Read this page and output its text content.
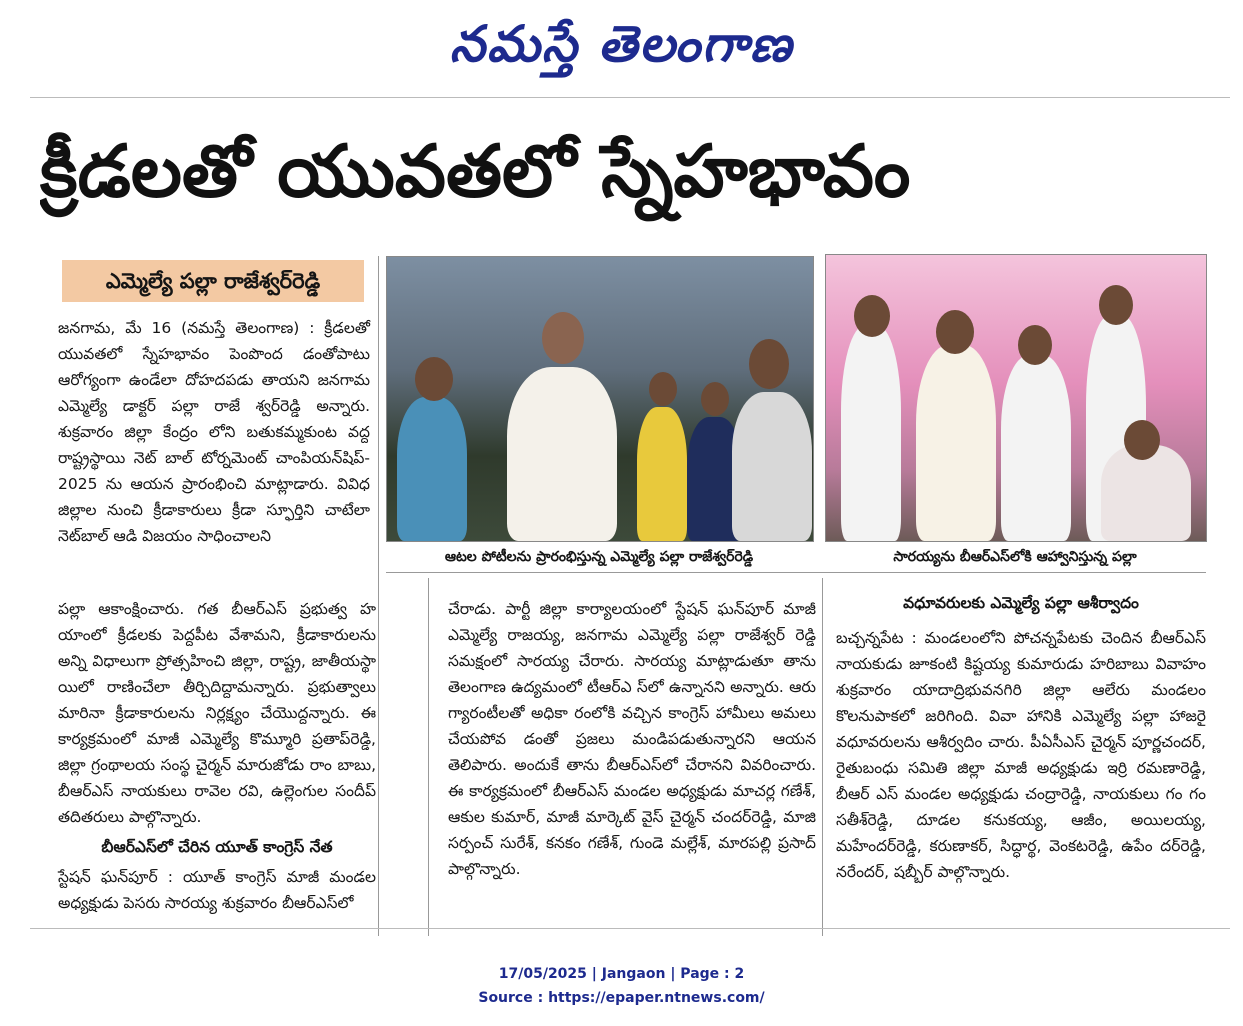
నమస్తే తెలంగాణ
క్రీడలతో యువతలో స్నేహభావం
ఎమ్మెల్యే పల్లా రాజేశ్వర్‌రెడ్డి

జనగామ, మే 16 (నమస్తే తెలంగాణ) : క్రీడలతో యువతలో స్నేహభావం పెంపొంద డంతోపాటు ఆరోగ్యంగా ఉండేలా దోహదపడు తాయని జనగామ ఎమ్మెల్యే డాక్టర్ పల్లా రాజే శ్వర్‌రెడ్డి అన్నారు. శుక్రవారం జిల్లా కేంద్రం లోని బతుకమ్మకుంట వద్ద రాష్ట్రస్థాయి నెట్ బాల్ టోర్నమెంట్ చాంపియన్‌షిప్- 2025 ను ఆయన ప్రారంభించి మాట్లాడారు. వివిధ జిల్లాల నుంచి క్రీడాకారులు క్రీడా స్ఫూర్తిని చాటేలా నెట్‌బాల్ ఆడి విజయం సాధించాలని

ఆటల పోటీలను ప్రారంభిస్తున్న ఎమ్మెల్యే పల్లా రాజేశ్వర్‌రెడ్డి	సారయ్యను బీఆర్‌ఎస్‌లోకి ఆహ్వానిస్తున్న పల్లా

పల్లా ఆకాంక్షించారు. గత బీఆర్‌ఎస్ ప్రభుత్వ హ యాంలో క్రీడలకు పెద్దపీట వేశామని, క్రీడాకారులను అన్ని విధాలుగా ప్రోత్సహించి జిల్లా, రాష్ట్ర, జాతీయస్థా యిలో రాణించేలా తీర్చిదిద్దామన్నారు. ప్రభుత్వాలు మారినా క్రీడాకారులను నిర్లక్ష్యం చేయొద్దన్నారు. ఈ కార్యక్రమంలో మాజీ ఎమ్మెల్యే కొమ్మూరి ప్రతాప్‌రెడ్డి, జిల్లా గ్రంథాలయ సంస్థ చైర్మన్ మారుజోడు రాం బాబు, బీఆర్‌ఎస్ నాయకులు రావెల రవి, ఉల్లెంగుల సందీప్ తదితరులు పాల్గొన్నారు.

బీఆర్‌ఎస్‌లో చేరిన యూత్ కాంగ్రెస్ నేత
స్టేషన్ ఘన్‌పూర్ : యూత్ కాంగ్రెస్ మాజీ మండల అధ్యక్షుడు పెసరు సారయ్య శుక్రవారం బీఆర్‌ఎస్‌లో

చేరాడు. పార్టీ జిల్లా కార్యాలయంలో స్టేషన్ ఘన్‌పూర్ మాజీ ఎమ్మెల్యే రాజయ్య, జనగామ ఎమ్మెల్యే పల్లా రాజేశ్వర్ రెడ్డి సమక్షంలో సారయ్య చేరారు. సారయ్య మాట్లాడుతూ తాను తెలంగాణ ఉద్యమంలో టీఆర్‌ఎ స్‌లో ఉన్నానని అన్నారు. ఆరు గ్యారంటీలతో అధికా రంలోకి వచ్చిన కాంగ్రెస్ హామీలు అమలు చేయపోవ డంతో ప్రజలు మండిపడుతున్నారని ఆయన తెలిపారు. అందుకే తాను బీఆర్‌ఎస్‌లో చేరానని వివరించారు. ఈ కార్యక్రమంలో బీఆర్‌ఎస్ మండల అధ్యక్షుడు మాచర్ల గణేశ్, ఆకుల కుమార్, మాజీ మార్కెట్ వైస్ చైర్మన్ చందర్‌రెడ్డి, మాజి సర్పంచ్ సురేశ్, కనకం గణేశ్, గుండె మల్లేశ్, మారపల్లి ప్రసాద్ పాల్గొన్నారు.

వధూవరులకు ఎమ్మెల్యే పల్లా ఆశీర్వాదం

బచ్చన్నపేట : మండలంలోని పోచన్నపేటకు చెందిన బీఆర్‌ఎస్ నాయకుడు జూకంటి కిష్టయ్య కుమారుడు హరిబాబు వివాహం శుక్రవారం యాదాద్రిభువనగిరి జిల్లా ఆలేరు మండలం కొలనుపాకలో జరిగింది. వివా హానికి ఎమ్మెల్యే పల్లా హాజరై వధూవరులను ఆశీర్వదిం చారు. పీఏసీఎస్ చైర్మన్ పూర్ణచందర్, రైతుబంధు సమితి జిల్లా మాజీ అధ్యక్షుడు ఇర్రి రమణారెడ్డి, బీఆర్ ఎస్ మండల అధ్యక్షుడు చంద్రారెడ్డి, నాయకులు గం గం సతీశ్‌రెడ్డి, దూడల కనుకయ్య, ఆజీం, అయిలయ్య, మహేందర్‌రెడ్డి, కరుణాకర్, సిద్ధార్థ, వెంకటరెడ్డి, ఉపేం దర్‌రెడ్డి, నరేందర్, షబ్బీర్ పాల్గొన్నారు.

17/05/2025 | Jangaon | Page : 2
Source : https://epaper.ntnews.com/
